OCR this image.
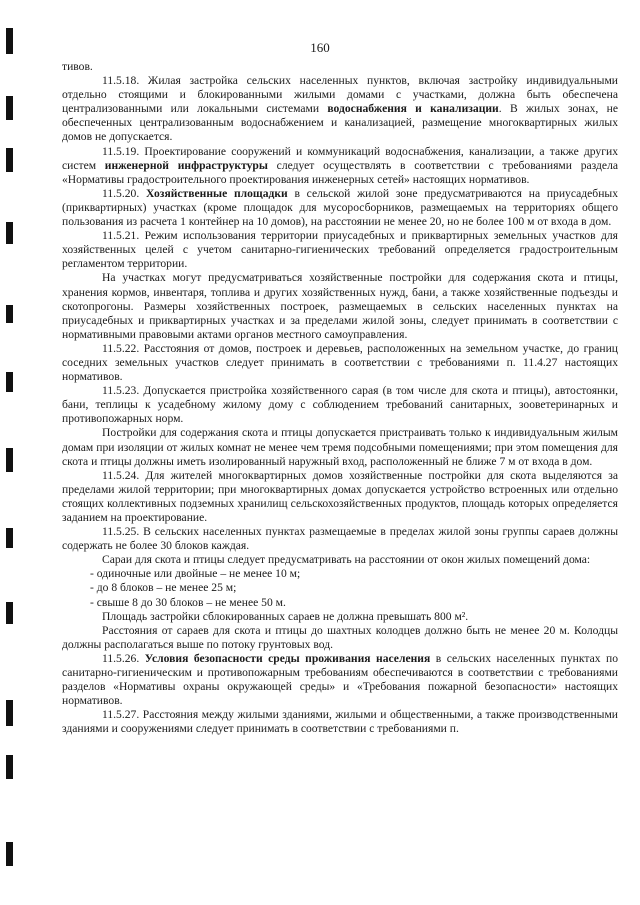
160

тивов.

11.5.18. Жилая застройка сельских населенных пунктов, включая застройку индивидуальными отдельно стоящими и блокированными жилыми домами с участками, должна быть обеспечена централизованными или локальными системами водоснабжения и канализации. В жилых зонах, не обеспеченных централизованным водоснабжением и канализацией, размещение многоквартирных жилых домов не допускается.

11.5.19. Проектирование сооружений и коммуникаций водоснабжения, канализации, а также других систем инженерной инфраструктуры следует осуществлять в соответствии с требованиями раздела «Нормативы градостроительного проектирования инженерных сетей» настоящих нормативов.

11.5.20. Хозяйственные площадки в сельской жилой зоне предусматриваются на приусадебных (приквартирных) участках (кроме площадок для мусоросборников, размещаемых на территориях общего пользования из расчета 1 контейнер на 10 домов), на расстоянии не менее 20, но не более 100 м от входа в дом.

11.5.21. Режим использования территории приусадебных и приквартирных земельных участков для хозяйственных целей с учетом санитарно-гигиенических требований определяется градостроительным регламентом территории.

На участках могут предусматриваться хозяйственные постройки для содержания скота и птицы, хранения кормов, инвентаря, топлива и других хозяйственных нужд, бани, а также хозяйственные подъезды и скотопрогоны. Размеры хозяйственных построек, размещаемых в сельских населенных пунктах на приусадебных и приквартирных участках и за пределами жилой зоны, следует принимать в соответствии с нормативными правовыми актами органов местного самоуправления.

11.5.22. Расстояния от домов, построек и деревьев, расположенных на земельном участке, до границ соседних земельных участков следует принимать в соответствии с требованиями п. 11.4.27 настоящих нормативов.

11.5.23. Допускается пристройка хозяйственного сарая (в том числе для скота и птицы), автостоянки, бани, теплицы к усадебному жилому дому с соблюдением требований санитарных, зооветеринарных и противопожарных норм.

Постройки для содержания скота и птицы допускается пристраивать только к индивидуальным жилым домам при изоляции от жилых комнат не менее чем тремя подсобными помещениями; при этом помещения для скота и птицы должны иметь изолированный наружный вход, расположенный не ближе 7 м от входа в дом.

11.5.24. Для жителей многоквартирных домов хозяйственные постройки для скота выделяются за пределами жилой территории; при многоквартирных домах допускается устройство встроенных или отдельно стоящих коллективных подземных хранилищ сельскохозяйственных продуктов, площадь которых определяется заданием на проектирование.

11.5.25. В сельских населенных пунктах размещаемые в пределах жилой зоны группы сараев должны содержать не более 30 блоков каждая.

Сараи для скота и птицы следует предусматривать на расстоянии от окон жилых помещений дома:

- одиночные или двойные – не менее 10 м;

- до 8 блоков – не менее 25 м;

- свыше 8 до 30 блоков – не менее 50 м.

Площадь застройки сблокированных сараев не должна превышать 800 м².

Расстояния от сараев для скота и птицы до шахтных колодцев должно быть не менее 20 м. Колодцы должны располагаться выше по потоку грунтовых вод.

11.5.26. Условия безопасности среды проживания населения в сельских населенных пунктах по санитарно-гигиеническим и противопожарным требованиям обеспечиваются в соответствии с требованиями разделов «Нормативы охраны окружающей среды» и «Требования пожарной безопасности» настоящих нормативов.

11.5.27. Расстояния между жилыми зданиями, жилыми и общественными, а также производственными зданиями и сооружениями следует принимать в соответствии с требованиями п.
